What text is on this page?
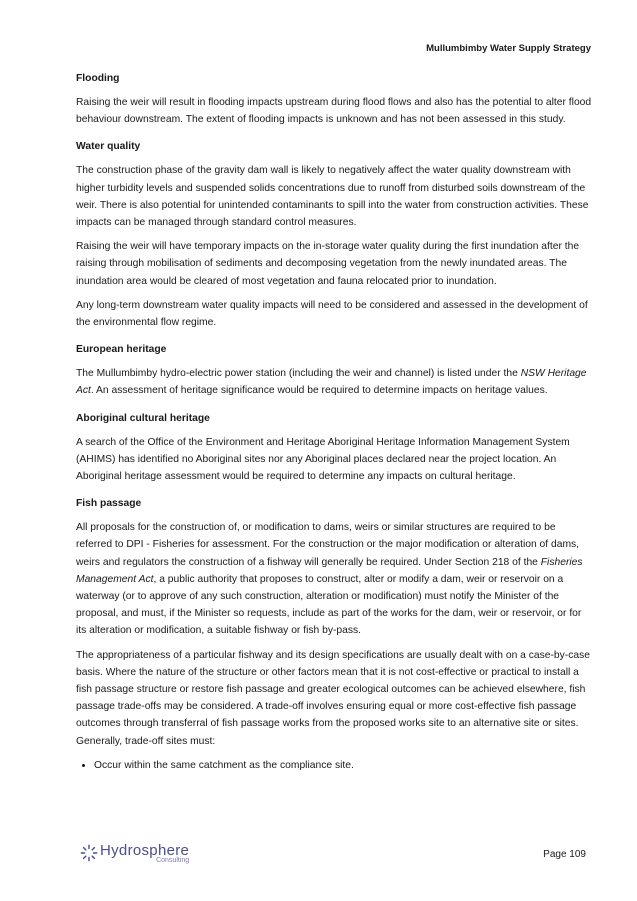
Mullumbimby Water Supply Strategy
Flooding

Raising the weir will result in flooding impacts upstream during flood flows and also has the potential to alter flood behaviour downstream. The extent of flooding impacts is unknown and has not been assessed in this study.

Water quality

The construction phase of the gravity dam wall is likely to negatively affect the water quality downstream with higher turbidity levels and suspended solids concentrations due to runoff from disturbed soils downstream of the weir. There is also potential for unintended contaminants to spill into the water from construction activities. These impacts can be managed through standard control measures.

Raising the weir will have temporary impacts on the in-storage water quality during the first inundation after the raising through mobilisation of sediments and decomposing vegetation from the newly inundated areas. The inundation area would be cleared of most vegetation and fauna relocated prior to inundation.

Any long-term downstream water quality impacts will need to be considered and assessed in the development of the environmental flow regime.

European heritage

The Mullumbimby hydro-electric power station (including the weir and channel) is listed under the NSW Heritage Act. An assessment of heritage significance would be required to determine impacts on heritage values.

Aboriginal cultural heritage

A search of the Office of the Environment and Heritage Aboriginal Heritage Information Management System (AHIMS) has identified no Aboriginal sites nor any Aboriginal places declared near the project location. An Aboriginal heritage assessment would be required to determine any impacts on cultural heritage.

Fish passage

All proposals for the construction of, or modification to dams, weirs or similar structures are required to be referred to DPI - Fisheries for assessment. For the construction or the major modification or alteration of dams, weirs and regulators the construction of a fishway will generally be required. Under Section 218 of the Fisheries Management Act, a public authority that proposes to construct, alter or modify a dam, weir or reservoir on a waterway (or to approve of any such construction, alteration or modification) must notify the Minister of the proposal, and must, if the Minister so requests, include as part of the works for the dam, weir or reservoir, or for its alteration or modification, a suitable fishway or fish by-pass.

The appropriateness of a particular fishway and its design specifications are usually dealt with on a case-by-case basis. Where the nature of the structure or other factors mean that it is not cost-effective or practical to install a fish passage structure or restore fish passage and greater ecological outcomes can be achieved elsewhere, fish passage trade-offs may be considered. A trade-off involves ensuring equal or more cost-effective fish passage outcomes through transferral of fish passage works from the proposed works site to an alternative site or sites. Generally, trade-off sites must:

• Occur within the same catchment as the compliance site.
Hydrosphere
Consulting
Page 109
